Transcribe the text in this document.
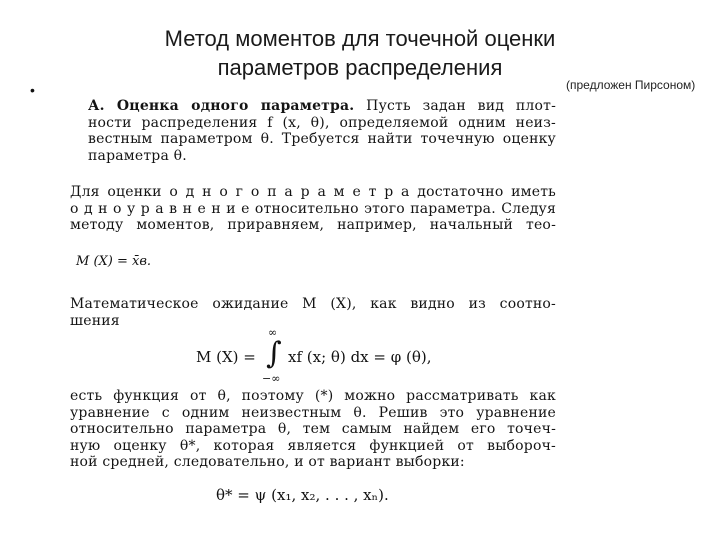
Метод моментов для точечной оценки
параметров распределения
(предложен Пирсоном)
•
А. Оценка одного параметра. Пусть задан вид плот-
ности распределения f (x, θ), определяемой одним неиз-
вестным параметром θ. Требуется найти точечную оценку
параметра θ.
Для оценки о д н о г о п а р а м е т р а достаточно иметь
о д н о у р а в н е н и е относительно этого параметра. Следуя
методу моментов, приравняем, например, начальный тео-
M (X) = x̄в.
Математическое ожидание M (X), как видно из соотно-
шения
M (X) =
∞
∫
−∞
xf (x; θ) dx = φ (θ),
есть функция от θ, поэтому (*) можно рассматривать как
уравнение с одним неизвестным θ. Решив это уравнение
относительно параметра θ, тем самым найдем его точеч-
ную оценку θ*, которая является функцией от выбороч-
ной средней, следовательно, и от вариант выборки:
θ* = ψ (x₁, x₂, . . . , xₙ).
